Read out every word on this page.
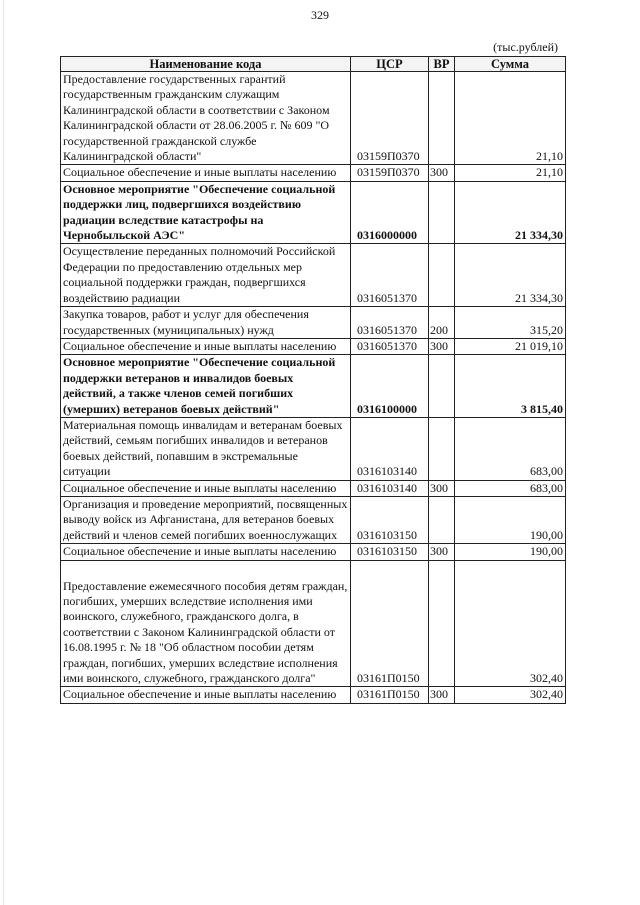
329
(тыс.рублей)
Наименование кода	ЦСР	ВР	Сумма
Предоставление государственных гарантий государственным гражданским служащим Калининградской области в соответствии с Законом Калининградской области от 28.06.2005 г. № 609 "О государственной гражданской службе Калининградской области"	03159П0370		21,10
Социальное обеспечение и иные выплаты населению	03159П0370	300	21,10
Основное мероприятие "Обеспечение социальной поддержки лиц, подвергшихся воздействию радиации вследствие катастрофы на Чернобыльской АЭС"	0316000000		21 334,30
Осуществление переданных полномочий Российской Федерации по предоставлению отдельных мер социальной поддержки граждан, подвергшихся воздействию радиации	0316051370		21 334,30
Закупка товаров, работ и услуг для обеспечения государственных (муниципальных) нужд	0316051370	200	315,20
Социальное обеспечение и иные выплаты населению	0316051370	300	21 019,10
Основное мероприятие "Обеспечение социальной поддержки ветеранов и инвалидов боевых действий, а также членов семей погибших (умерших) ветеранов боевых действий"	0316100000		3 815,40
Материальная помощь инвалидам и ветеранам боевых действий, семьям погибших инвалидов и ветеранов боевых действий, попавшим в экстремальные ситуации	0316103140		683,00
Социальное обеспечение и иные выплаты населению	0316103140	300	683,00
Организация и проведение мероприятий, посвященных выводу войск из Афганистана, для ветеранов боевых действий и членов семей погибших военнослужащих	0316103150		190,00
Социальное обеспечение и иные выплаты населению	0316103150	300	190,00

Предоставление ежемесячного пособия детям граждан, погибших, умерших вследствие исполнения ими воинского, служебного, гражданского долга, в соответствии с Законом Калининградской области от 16.08.1995 г. № 18 "Об областном пособии детям граждан, погибших, умерших вследствие исполнения ими воинского, служебного, гражданского долга"	03161П0150		302,40
Социальное обеспечение и иные выплаты населению	03161П0150	300	302,40
